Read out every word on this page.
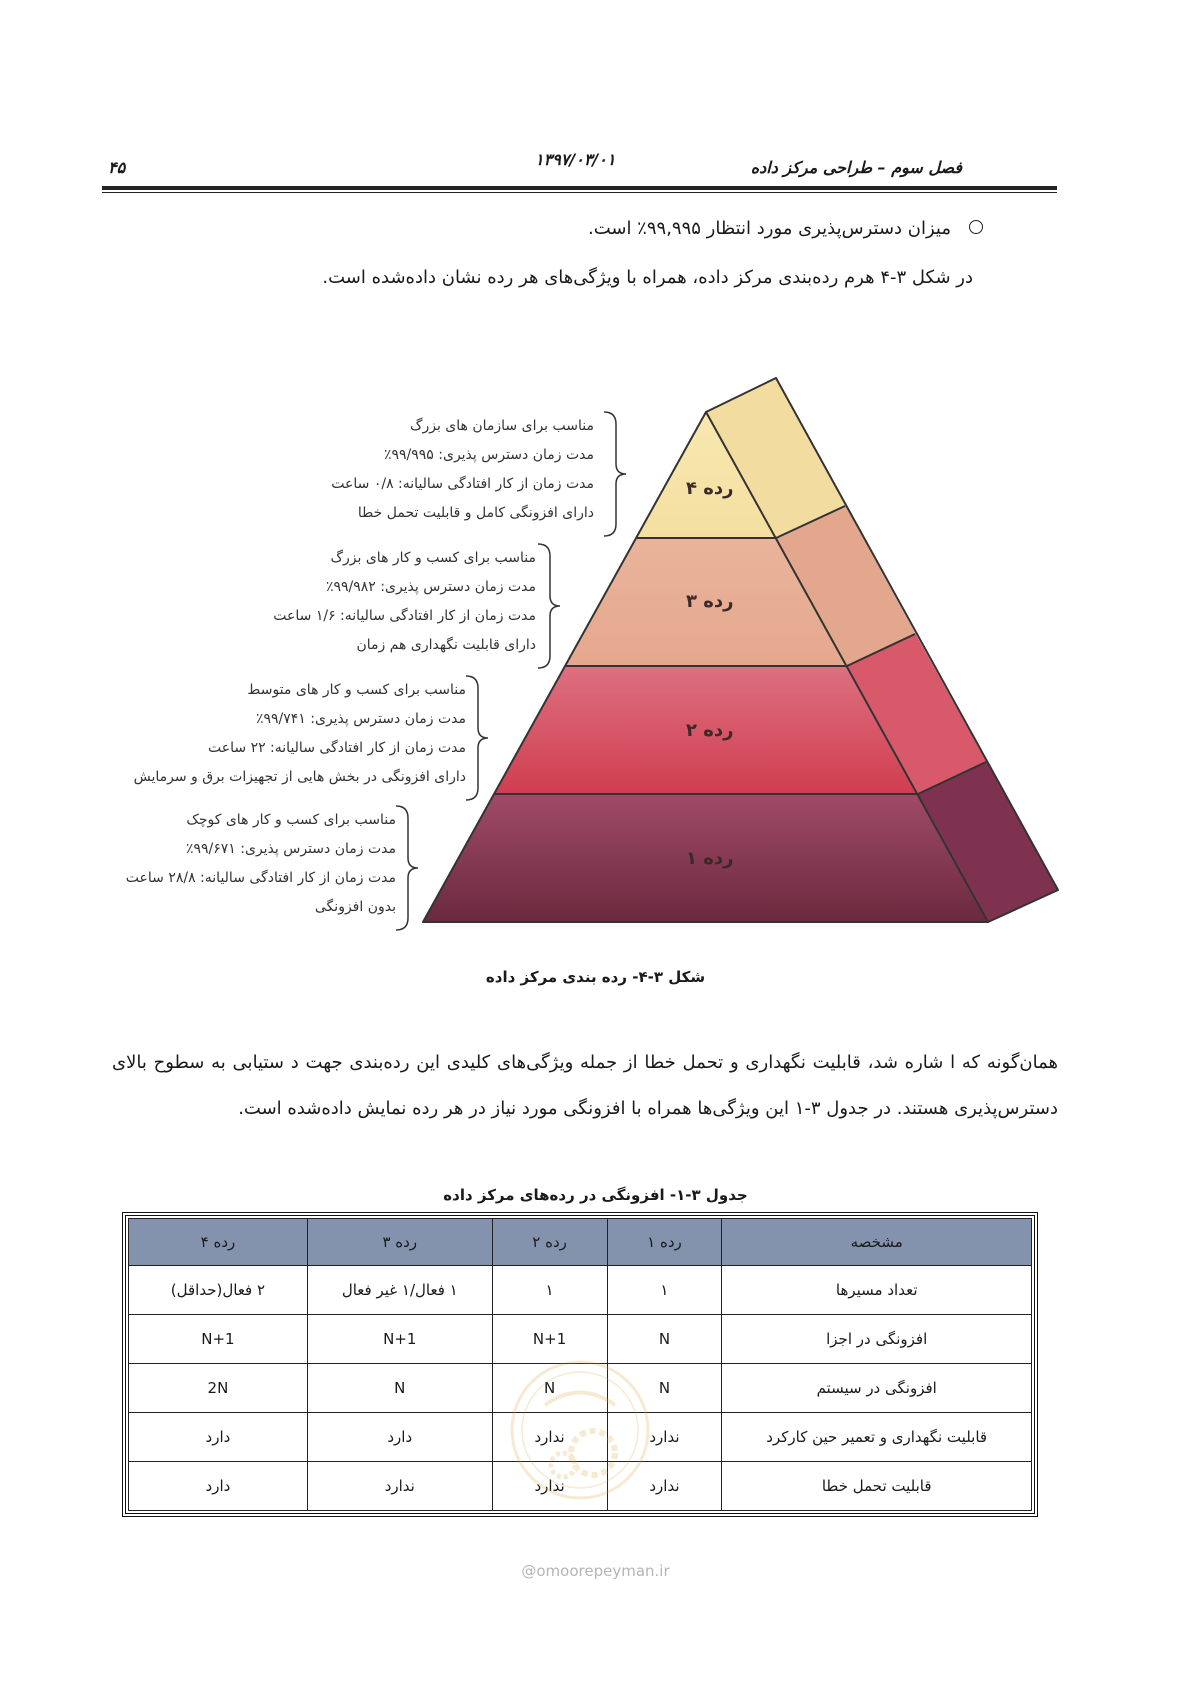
فصل سوم – طراحی مرکز داده
۱۳۹۷/۰۳/۰۱
۴۵
میزان دسترس‌پذیری مورد انتظار ۹۹,۹۹۵٪ است.
در شکل ۳-۴ هرم رده‌بندی مرکز داده، همراه با ویژگی‌های هر رده نشان داده‌شده است.
رده ۴
رده ۳
رده ۲
رده ۱
مناسب برای سازمان های بزرگ
مدت زمان دسترس پذیری: ۹۹/۹۹۵٪
مدت زمان از کار افتادگی سالیانه: ۰/۸ ساعت
دارای افزونگی کامل و قابلیت تحمل خطا
مناسب برای کسب و کار های بزرگ
مدت زمان دسترس پذیری: ۹۹/۹۸۲٪
مدت زمان از کار افتادگی سالیانه: ۱/۶ ساعت
دارای قابلیت نگهداری هم زمان
مناسب برای کسب و کار های متوسط
مدت زمان دسترس پذیری: ۹۹/۷۴۱٪
مدت زمان از کار افتادگی سالیانه: ۲۲ ساعت
دارای افزونگی در بخش هایی از تجهیزات برق و سرمایش
مناسب برای کسب و کار های کوچک
مدت زمان دسترس پذیری: ۹۹/۶۷۱٪
مدت زمان از کار افتادگی سالیانه: ۲۸/۸ ساعت
بدون افزونگی
شکل ۳-۴- رده بندی مرکز داده
همان‌گونه که ا شاره شد، قابلیت نگهداری و تحمل خطا از جمله ویژگی‌های کلیدی این رده‌بندی جهت د ستیابی به سطوح بالای دسترس‌پذیری هستند. در جدول ۳-۱ این ویژگی‌ها همراه با افزونگی مورد نیاز در هر رده نمایش داده‌شده است.
جدول ۳-۱- افزونگی در رده‌های مرکز داده
مشخصه	رده ۱	رده ۲	رده ۳	رده ۴
تعداد مسیرها	۱	۱	۱ فعال/۱ غیر فعال	۲ فعال(حداقل)
افزونگی در اجزا	N	N+1	N+1	N+1
افزونگی در سیستم	N	N	N	2N
قابلیت نگهداری و تعمیر حین کارکرد	ندارد	ندارد	دارد	دارد
قابلیت تحمل خطا	ندارد	ندارد	ندارد	دارد
@omoorepeyman.ir
